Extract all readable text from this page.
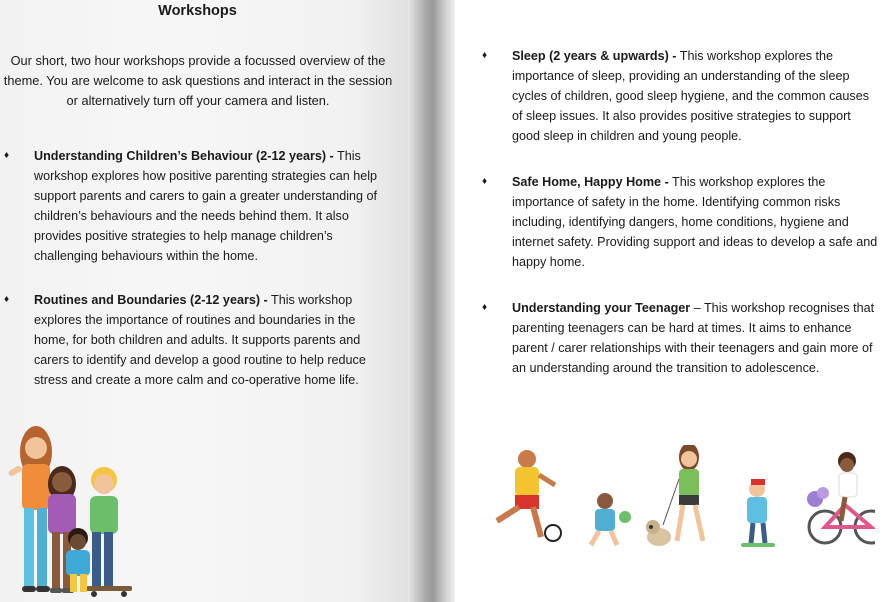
Workshops
Our short, two hour workshops provide a focussed overview of the theme. You are welcome to ask questions and interact in the session or alternatively turn off your camera and listen.
♦ Understanding Children’s Behaviour (2-12 years) - This workshop explores how positive parenting strategies can help support parents and carers to gain a greater understanding of children’s behaviours and the needs behind them. It also provides positive strategies to help manage children’s challenging behaviours within the home.
♦ Routines and Boundaries (2-12 years) - This workshop explores the importance of routines and boundaries in the home, for both children and adults. It supports parents and carers to identify and develop a good routine to help reduce stress and create a more calm and co-operative home life.
♦ Sleep (2 years & upwards) - This workshop explores the importance of sleep, providing an understanding of the sleep cycles of children, good sleep hygiene, and the common causes of sleep issues. It also provides positive strategies to support good sleep in children and young people.
♦ Safe Home, Happy Home - This workshop explores the importance of safety in the home. Identifying common risks including, identifying dangers, home conditions, hygiene and internet safety. Providing support and ideas to develop a safe and happy home.
♦ Understanding your Teenager – This workshop recognises that parenting teenagers can be hard at times. It aims to enhance parent / carer relationships with their teenagers and gain more of an understanding around the transition to adolescence.
